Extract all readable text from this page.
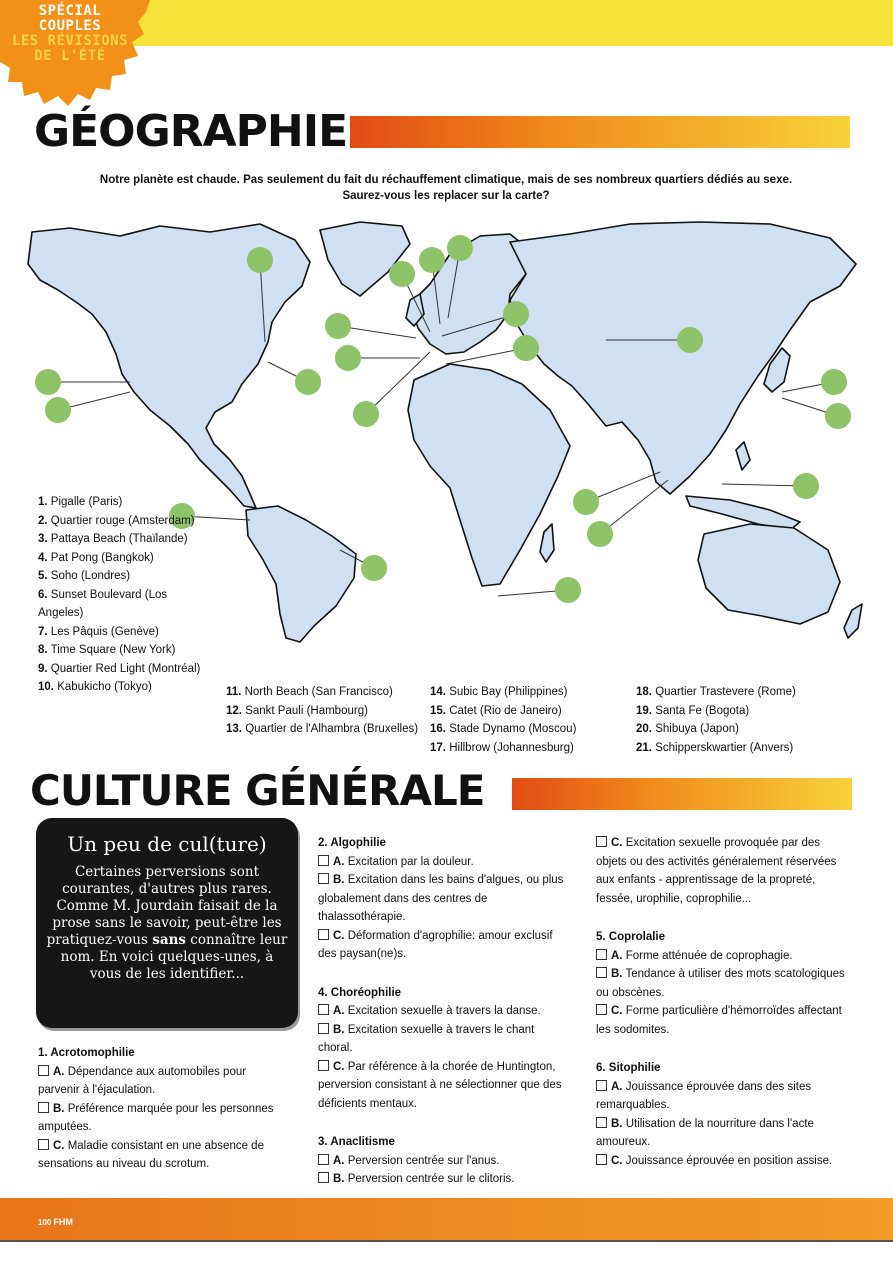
SPÉCIAL
COUPLES
LES RÉVISIONS
DE L'ÉTÉ
GÉOGRAPHIE
Notre planète est chaude. Pas seulement du fait du réchauffement climatique, mais de ses nombreux quartiers dédiés au sexe.
Saurez-vous les replacer sur la carte?
1. Pigalle (Paris)
2. Quartier rouge (Amsterdam)
3. Pattaya Beach (Thaïlande)
4. Pat Pong (Bangkok)
5. Soho (Londres)
6. Sunset Boulevard (Los Angeles)
7. Les Pâquis (Genève)
8. Time Square (New York)
9. Quartier Red Light (Montréal)
10. Kabukicho (Tokyo)	11. North Beach (San Francisco)
12. Sankt Pauli (Hambourg)
13. Quartier de l'Alhambra (Bruxelles)
14. Subic Bay (Philippines)
15. Catet (Rio de Janeiro)
16. Stade Dynamo (Moscou)
17. Hillbrow (Johannesburg)
18. Quartier Trastevere (Rome)
19. Santa Fe (Bogota)
20. Shibuya (Japon)
21. Schipperskwartier (Anvers)
CULTURE GÉNÉRALE
Un peu de cul(ture)
Certaines perversions sont courantes, d'autres plus rares. Comme M. Jourdain faisait de la prose sans le savoir, peut-être les pratiquez-vous sans connaître leur nom. En voici quelques-unes, à vous de les identifier...
1. Acrotomophilie
A. Dépendance aux automobiles pour parvenir à l'éjaculation.
B. Préférence marquée pour les personnes amputées.
C. Maladie consistant en une absence de sensations au niveau du scrotum.
2. Algophilie
A. Excitation par la douleur.
B. Excitation dans les bains d'algues, ou plus globalement dans des centres de thalassothérapie.
C. Déformation d'agrophilie: amour exclusif des paysan(ne)s.
4. Choréophilie
A. Excitation sexuelle à travers la danse.
B. Excitation sexuelle à travers le chant choral.
C. Par référence à la chorée de Huntington, perversion consistant à ne sélectionner que des déficients mentaux.
3. Anaclitisme
A. Perversion centrée sur l'anus.
B. Perversion centrée sur le clitoris.
C. Excitation sexuelle provoquée par des objets ou des activités généralement réservées aux enfants - apprentissage de la propreté, fessée, urophilie, coprophilie...
5. Coprolalie
A. Forme atténuée de coprophagie.
B. Tendance à utiliser des mots scatologiques ou obscènes.
C. Forme particulière d'hémorroïdes affectant les sodomites.
6. Sitophilie
A. Jouissance éprouvée dans des sites remarquables.
B. Utilisation de la nourriture dans l'acte amoureux.
C. Jouissance éprouvée en position assise.
100 FHM
